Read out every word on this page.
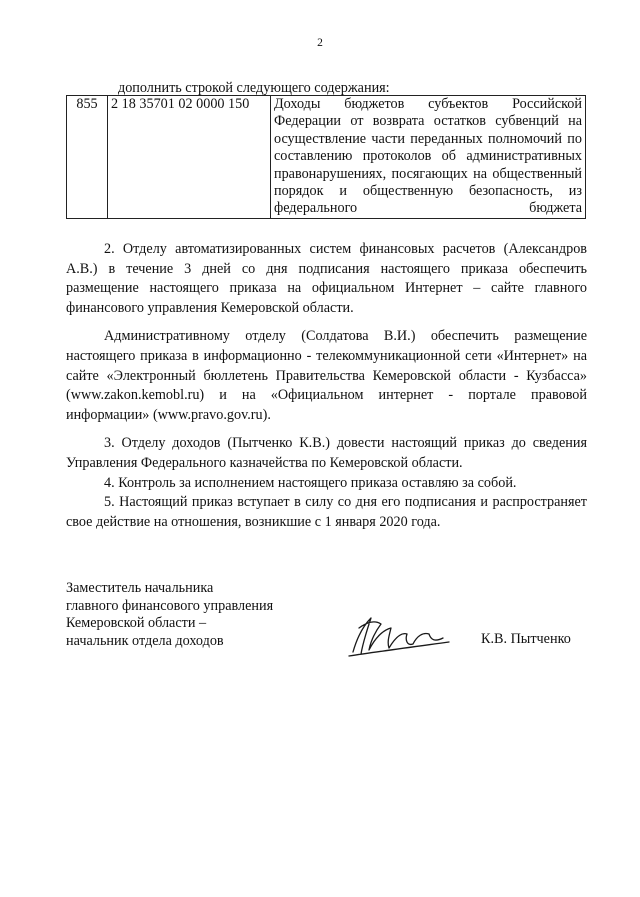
2
дополнить строкой следующего содержания:
855	2 18 35701 02 0000 150	Доходы бюджетов субъектов Российской Федерации от возврата остатков субвенций на осуществление части переданных полномочий по составлению протоколов об административных правонарушениях, посягающих на общественный порядок и общественную безопасность, из федерального бюджета

2. Отделу автоматизированных систем финансовых расчетов (Александров А.В.) в течение 3 дней со дня подписания настоящего приказа обеспечить размещение настоящего приказа на официальном Интернет – сайте главного финансового управления Кемеровской области.

Административному отделу (Солдатова В.И.) обеспечить размещение настоящего приказа в информационно - телекоммуникационной сети «Интернет» на сайте «Электронный бюллетень Правительства Кемеровской области - Кузбасса» (www.zakon.kemobl.ru) и на «Официальном интернет - портале правовой информации» (www.pravo.gov.ru).

3. Отделу доходов (Пытченко К.В.) довести настоящий приказ до сведения Управления Федерального казначейства по Кемеровской области.

4. Контроль за исполнением настоящего приказа оставляю за собой.

5. Настоящий приказ вступает в силу со дня его подписания и распространяет свое действие на отношения, возникшие с 1 января 2020 года.

Заместитель начальника
главного финансового управления
Кемеровской области –
начальник отдела доходов	К.В. Пытченко
